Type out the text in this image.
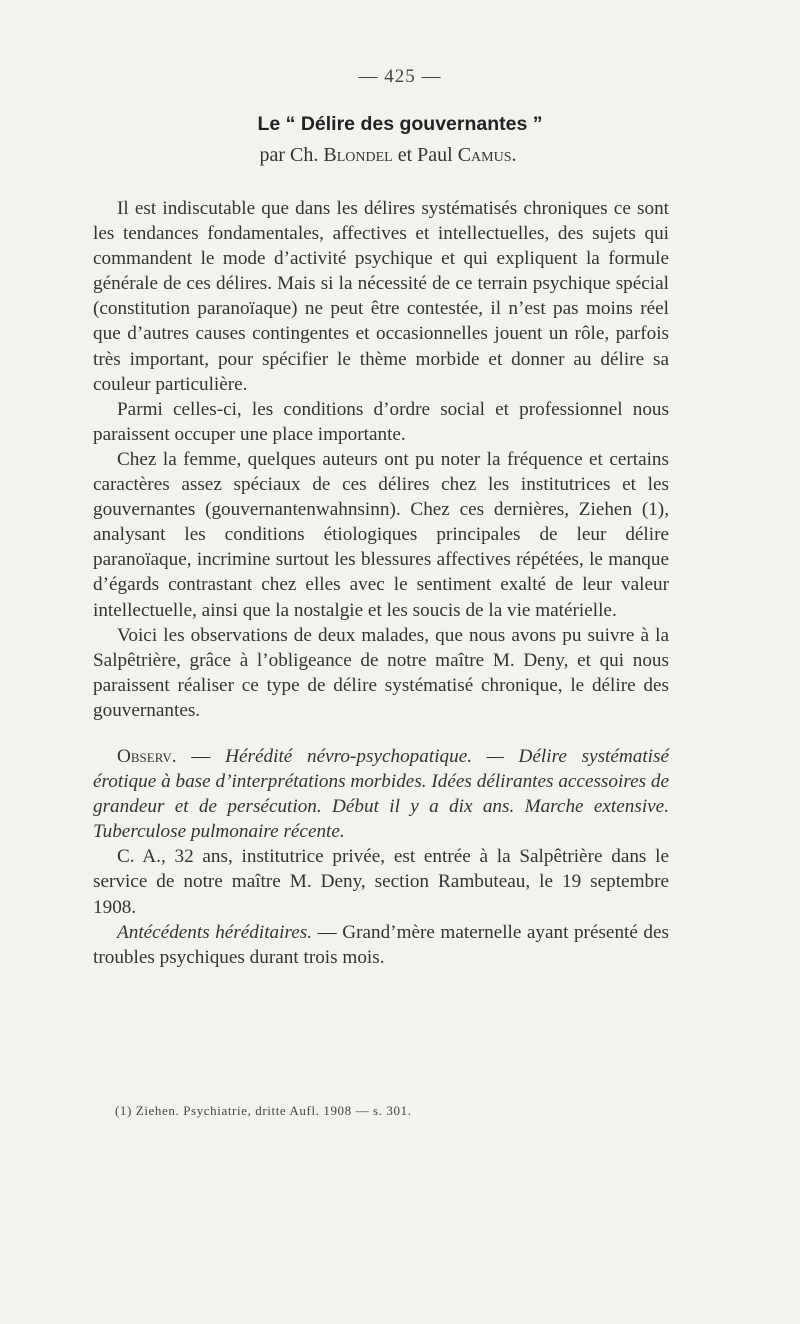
— 425 —
Le “ Délire des gouvernantes ”
par Ch. Blondel et Paul Camus.

Il est indiscutable que dans les délires systématisés chroniques ce sont les tendances fondamentales, affectives et intellectuelles, des sujets qui commandent le mode d’activité psychique et qui expliquent la formule générale de ces délires. Mais si la nécessité de ce terrain psychique spécial (constitution paranoïaque) ne peut être contestée, il n’est pas moins réel que d’autres causes contingentes et occasionnelles jouent un rôle, parfois très important, pour spécifier le thème morbide et donner au délire sa couleur particulière.

Parmi celles-ci, les conditions d’ordre social et professionnel nous paraissent occuper une place importante.

Chez la femme, quelques auteurs ont pu noter la fréquence et certains caractères assez spéciaux de ces délires chez les institutrices et les gouvernantes (gouvernantenwahnsinn). Chez ces dernières, Ziehen (1), analysant les conditions étiologiques principales de leur délire paranoïaque, incrimine surtout les blessures affectives répétées, le manque d’égards contrastant chez elles avec le sentiment exalté de leur valeur intellectuelle, ainsi que la nostalgie et les soucis de la vie matérielle.

Voici les observations de deux malades, que nous avons pu suivre à la Salpêtrière, grâce à l’obligeance de notre maître M. Deny, et qui nous paraissent réaliser ce type de délire systématisé chronique, le délire des gouvernantes.

Observ. — Hérédité névro-psychopatique. — Délire systématisé érotique à base d’interprétations morbides. Idées délirantes accessoires de grandeur et de persécution. Début il y a dix ans. Marche extensive. Tuberculose pulmonaire récente.

C. A., 32 ans, institutrice privée, est entrée à la Salpêtrière dans le service de notre maître M. Deny, section Rambuteau, le 19 septembre 1908.

Antécédents héréditaires. — Grand’mère maternelle ayant présenté des troubles psychiques durant trois mois.

(1) Ziehen. Psychiatrie, dritte Aufl. 1908 — s. 301.
